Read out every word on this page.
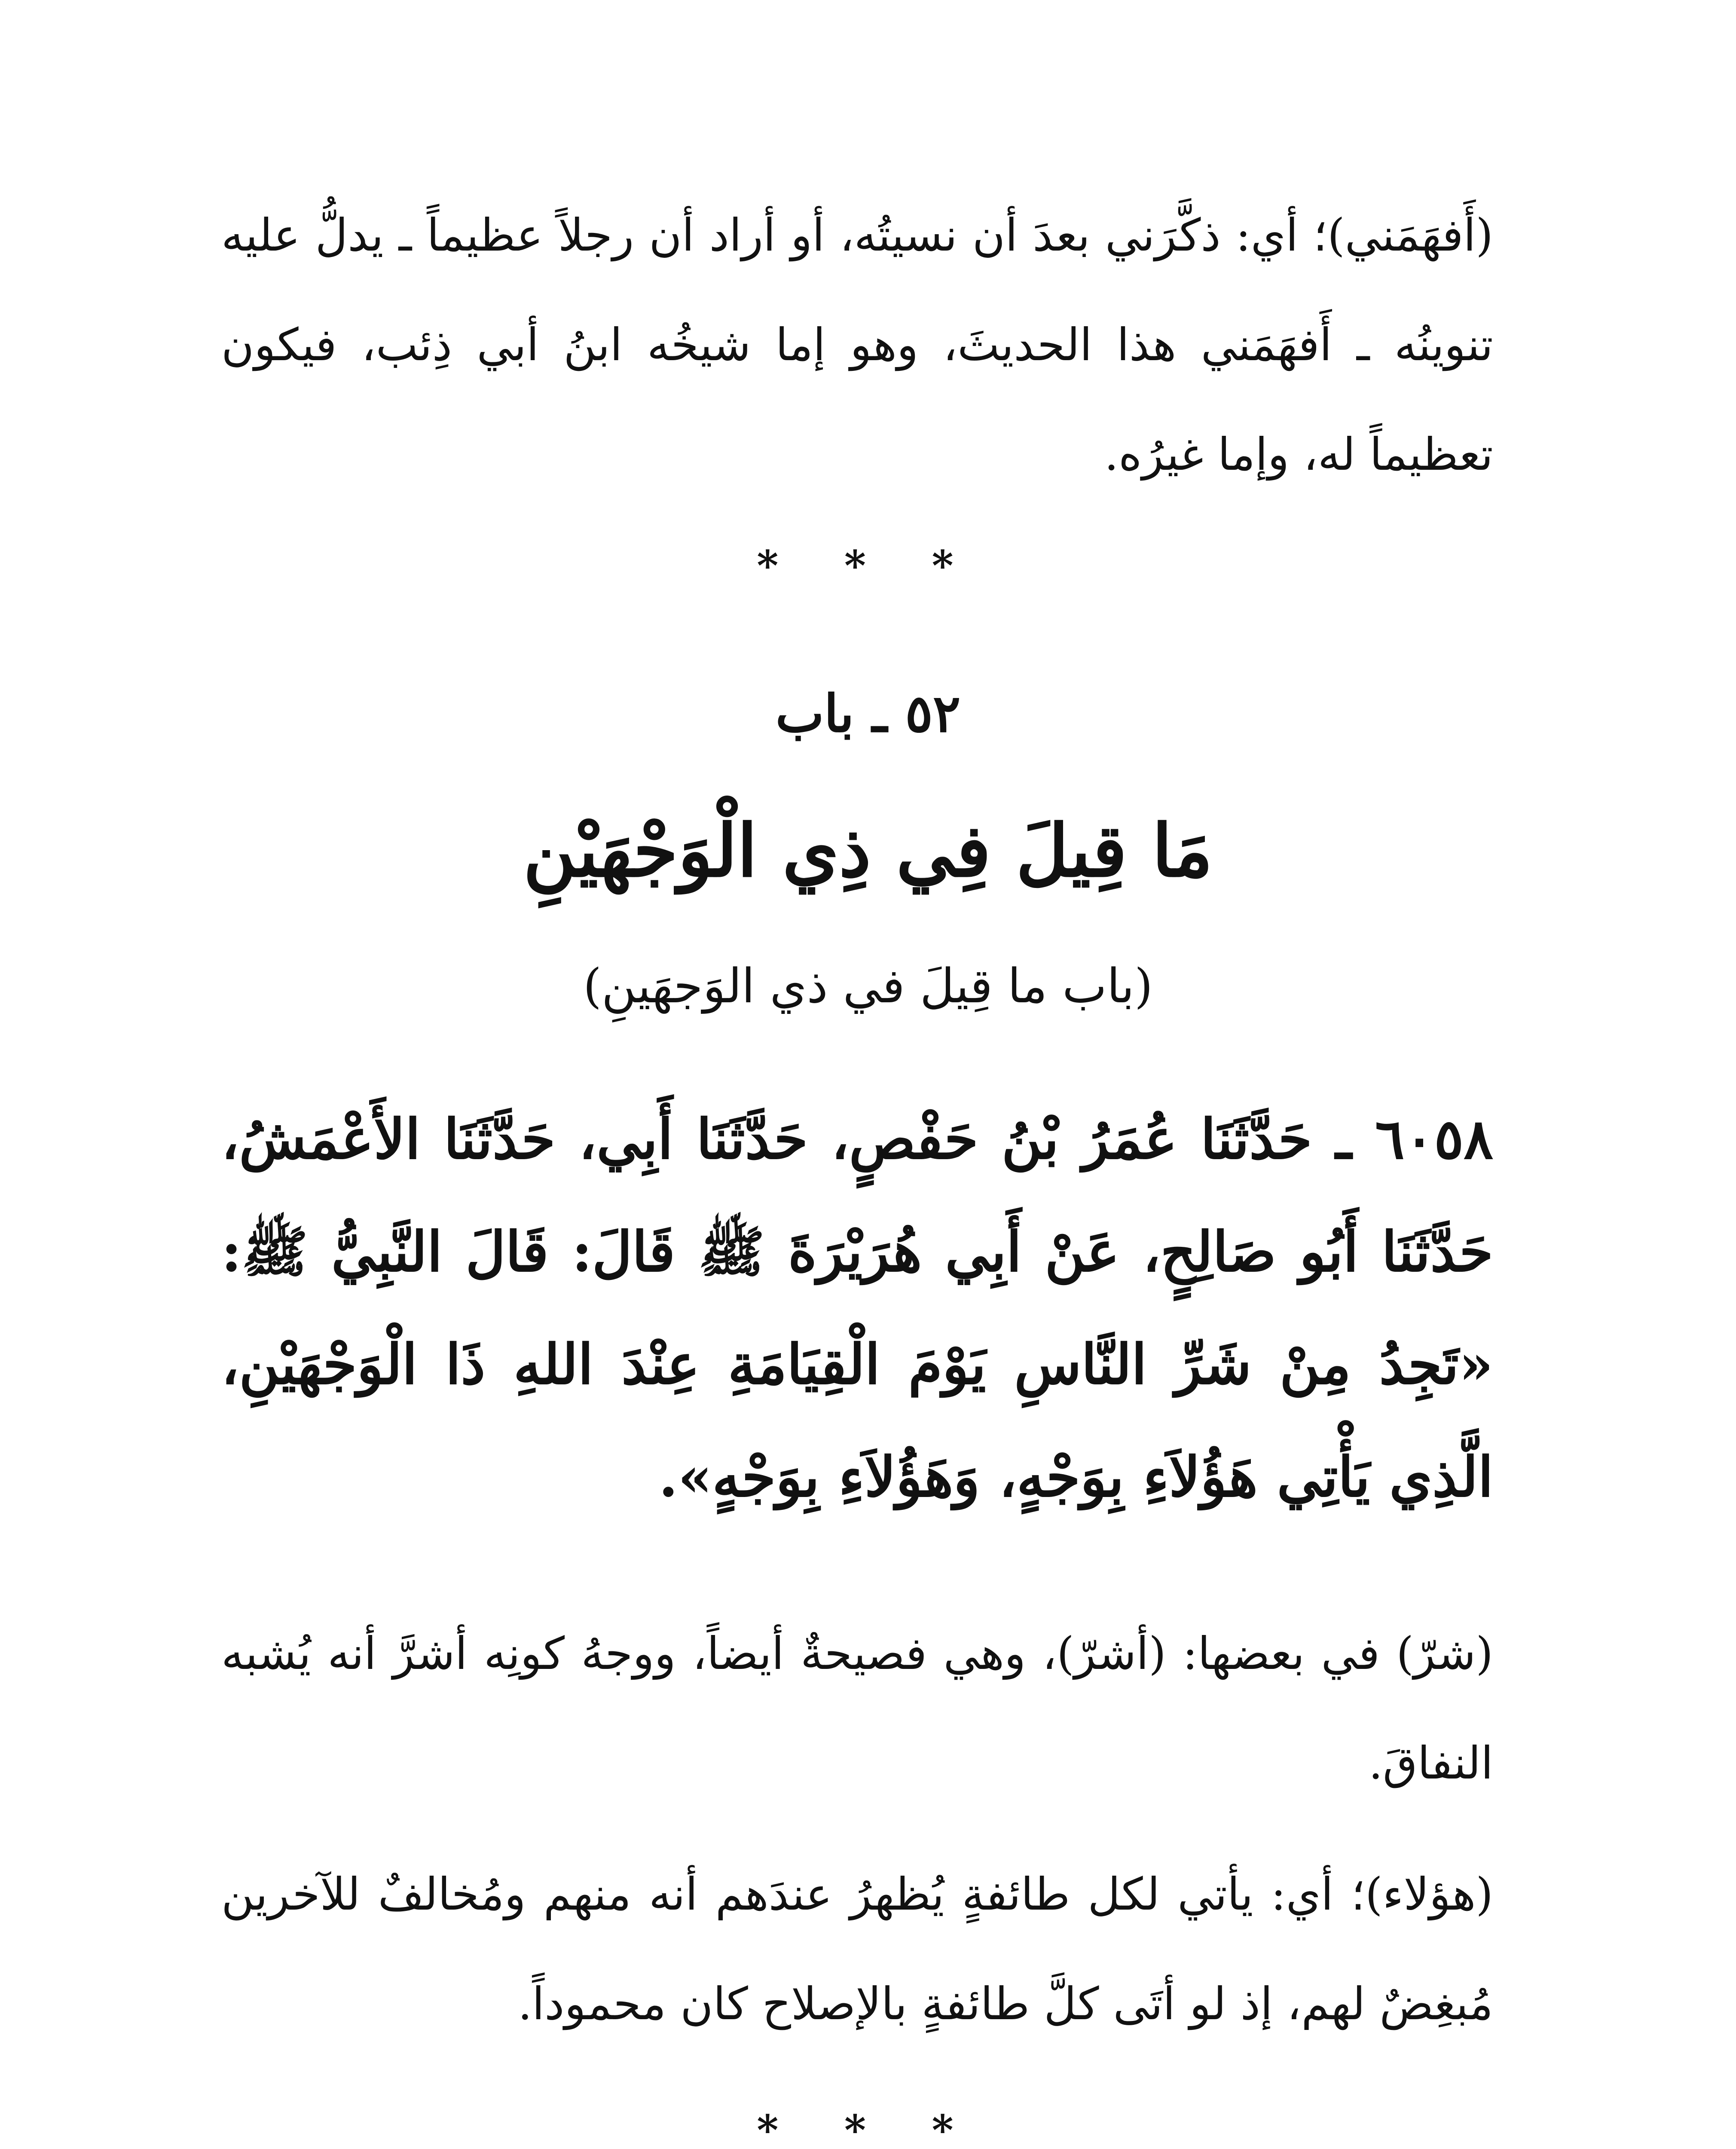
(أَفهَمَني)؛ أي: ذكَّرَني بعدَ أن نسيتُه، أو أراد أن رجلاً عظيماً ـ يدلُّ عليه تنوينُه ـ أَفهَمَني هذا الحديثَ، وهو إما شيخُه ابنُ أبي ذِئب، فيكون تعظيماً له، وإما غيرُه.

* * *

٥٢ ـ باب

مَا قِيلَ فِي ذِي الْوَجْهَيْنِ

(باب ما قِيلَ في ذي الوَجهَينِ)

٦٠٥٨ ـ حَدَّثَنَا عُمَرُ بْنُ حَفْصٍ، حَدَّثَنَا أَبِي، حَدَّثَنَا الأَعْمَشُ، حَدَّثَنَا أَبُو صَالِحٍ، عَنْ أَبِي هُرَيْرَةَ ﷺ قَالَ: قَالَ النَّبِيُّ ﷺ: «تَجِدُ مِنْ شَرِّ النَّاسِ يَوْمَ الْقِيَامَةِ عِنْدَ اللهِ ذَا الْوَجْهَيْنِ، الَّذِي يَأْتِي هَؤُلاَءِ بِوَجْهٍ، وَهَؤُلاَءِ بِوَجْهٍ».

(شرّ) في بعضها: (أشرّ)، وهي فصيحةٌ أيضاً، ووجهُ كونِه أشرَّ أنه يُشبه النفاقَ.

(هؤلاء)؛ أي: يأتي لكل طائفةٍ يُظهرُ عندَهم أنه منهم ومُخالفٌ للآخرين مُبغِضٌ لهم، إذ لو أتَى كلَّ طائفةٍ بالإصلاح كان محموداً.

* * *
